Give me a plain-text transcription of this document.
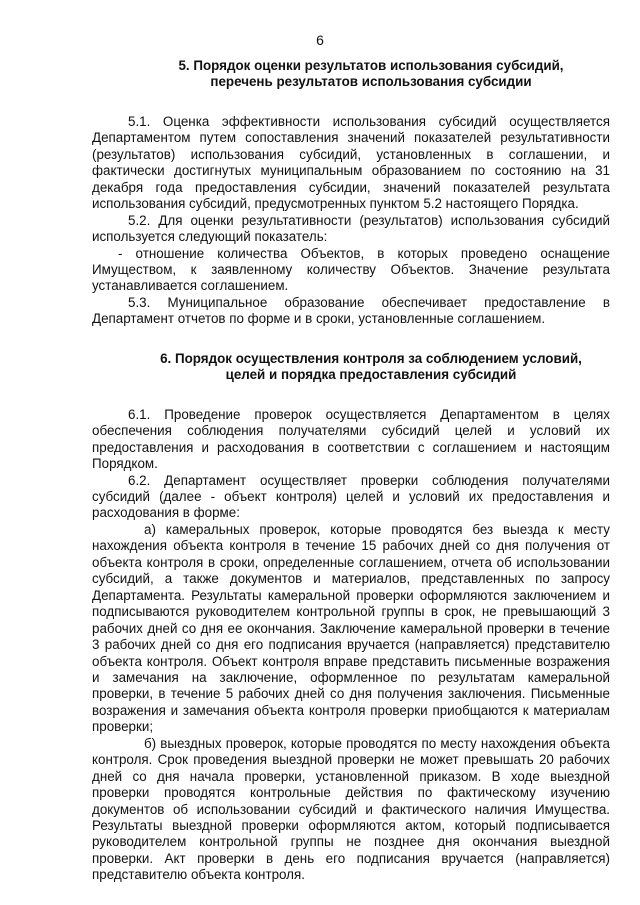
6
5. Порядок оценки результатов использования субсидий,
перечень результатов использования субсидии

5.1. Оценка эффективности использования субсидий осуществляется Департаментом путем сопоставления значений показателей результативности (результатов) использования субсидий, установленных в соглашении, и фактически достигнутых муниципальным образованием по состоянию на 31 декабря года предоставления субсидии, значений показателей результата использования субсидий, предусмотренных пунктом 5.2 настоящего Порядка.

5.2. Для оценки результативности (результатов) использования субсидий используется следующий показатель:

- отношение количества Объектов, в которых проведено оснащение Имуществом, к заявленному количеству Объектов. Значение результата устанавливается соглашением.

5.3. Муниципальное образование обеспечивает предоставление в Департамент отчетов по форме и в сроки, установленные соглашением.

6. Порядок осуществления контроля за соблюдением условий,
целей и порядка предоставления субсидий

6.1. Проведение проверок осуществляется Департаментом в целях обеспечения соблюдения получателями субсидий целей и условий их предоставления и расходования в соответствии с соглашением и настоящим Порядком.

6.2. Департамент осуществляет проверки соблюдения получателями субсидий (далее - объект контроля) целей и условий их предоставления и расходования в форме:

а) камеральных проверок, которые проводятся без выезда к месту нахождения объекта контроля в течение 15 рабочих дней со дня получения от объекта контроля в сроки, определенные соглашением, отчета об использовании субсидий, а также документов и материалов, представленных по запросу Департамента. Результаты камеральной проверки оформляются заключением и подписываются руководителем контрольной группы в срок, не превышающий 3 рабочих дней со дня ее окончания. Заключение камеральной проверки в течение 3 рабочих дней со дня его подписания вручается (направляется) представителю объекта контроля. Объект контроля вправе представить письменные возражения и замечания на заключение, оформленное по результатам камеральной проверки, в течение 5 рабочих дней со дня получения заключения. Письменные возражения и замечания объекта контроля проверки приобщаются к материалам проверки;

б) выездных проверок, которые проводятся по месту нахождения объекта контроля. Срок проведения выездной проверки не может превышать 20 рабочих дней со дня начала проверки, установленной приказом. В ходе выездной проверки проводятся контрольные действия по фактическому изучению документов об использовании субсидий и фактического наличия Имущества. Результаты выездной проверки оформляются актом, который подписывается руководителем контрольной группы не позднее дня окончания выездной проверки. Акт проверки в день его подписания вручается (направляется) представителю объекта контроля.
